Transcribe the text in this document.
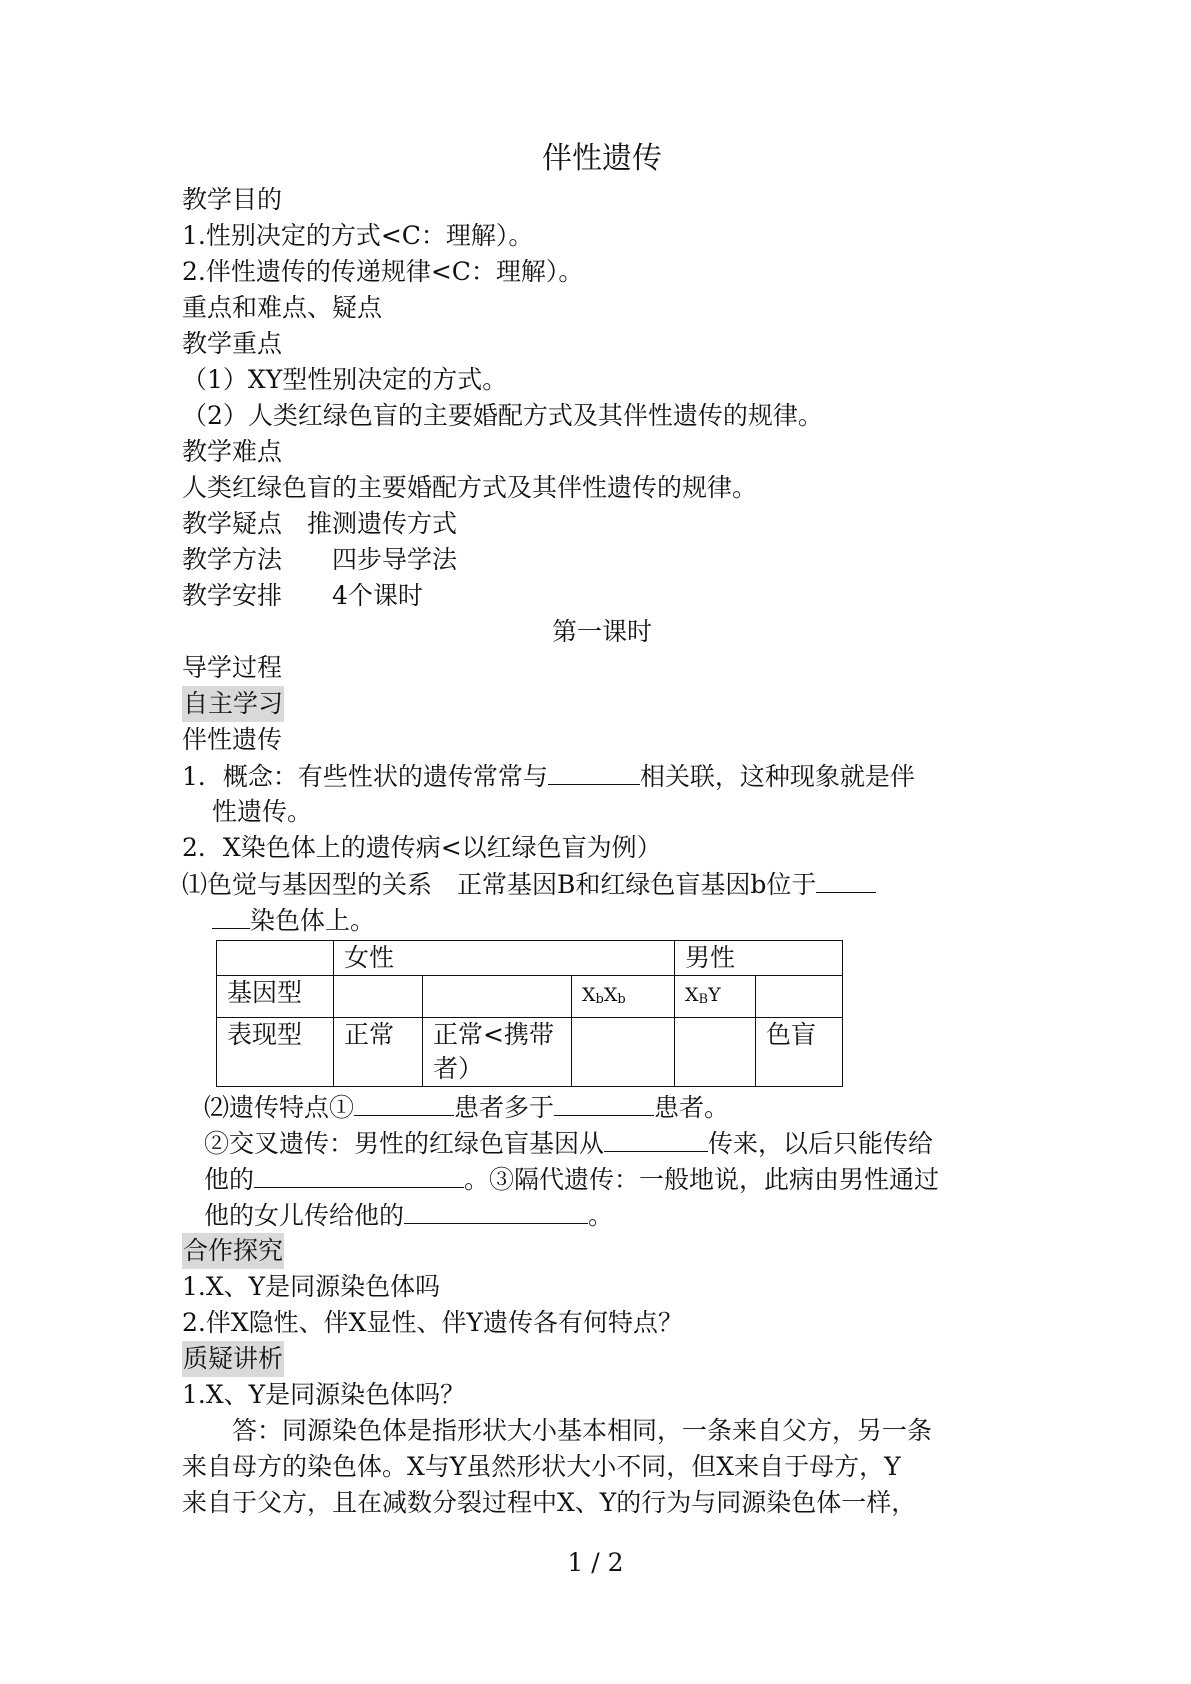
伴性遗传
教学目的
1.性别决定的方式<C：理解）。
2.伴性遗传的传递规律<C：理解）。
重点和难点、疑点
教学重点
（1）XY型性别决定的方式。
（2）人类红绿色盲的主要婚配方式及其伴性遗传的规律。
教学难点
人类红绿色盲的主要婚配方式及其伴性遗传的规律。
教学疑点　推测遗传方式
教学方法　　四步导学法
教学安排　　4个课时
第一课时
导学过程
自主学习
伴性遗传
1．概念：有些性状的遗传常常与	相关联，这种现象就是伴
性遗传。
2．X染色体上的遗传病<以红绿色盲为例）
⑴色觉与基因型的关系　正常基因B和红绿色盲基因b位于
染色体上。
	女性			男性	
基因型			XbXb	XBY	
表现型	正常	正常<携带
者）			色盲
⑵遗传特点①	患者多于	患者。
②交叉遗传：男性的红绿色盲基因从	传来，以后只能传给
他的	。③隔代遗传：一般地说，此病由男性通过
他的女儿传给他的	。
合作探究
1.X、Y是同源染色体吗
2.伴X隐性、伴X显性、伴Y遗传各有何特点？
质疑讲析
1.X、Y是同源染色体吗？
　　答：同源染色体是指形状大小基本相同，一条来自父方，另一条
来自母方的染色体。X与Y虽然形状大小不同，但X来自于母方，Y
来自于父方，且在减数分裂过程中X、Y的行为与同源染色体一样，
1 / 2
